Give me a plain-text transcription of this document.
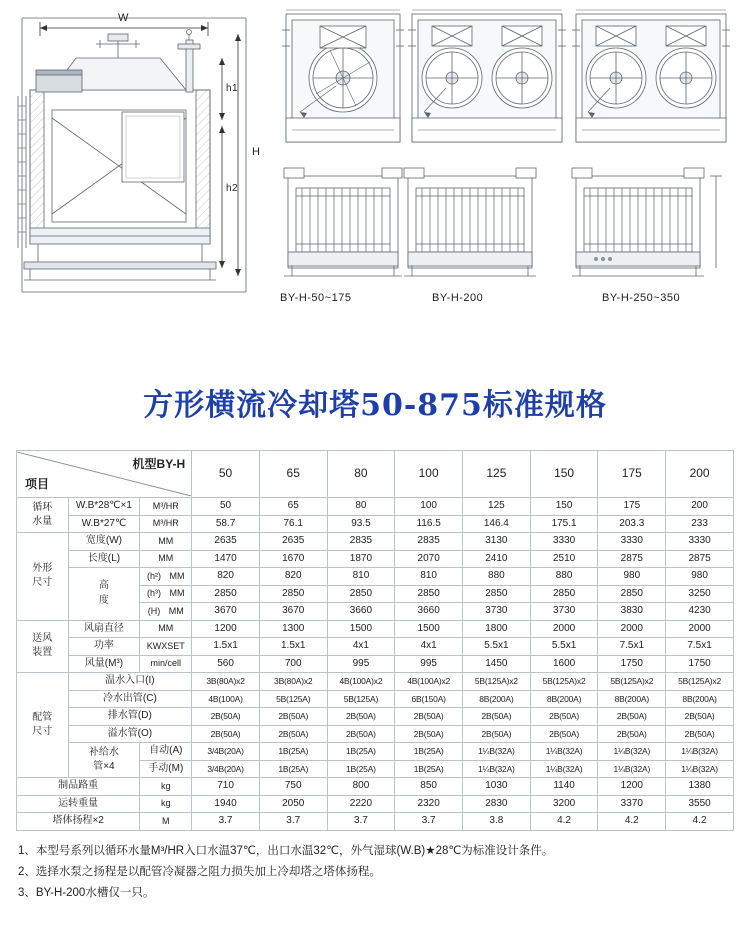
W
H
h1
h2
BY-H-50~175	BY-H-200	BY-H-250~350
方形横流冷却塔50-875标准规格
机型BY-H
项目			50	65	80	100	125	150	175	200
循环
水量	W.B*28℃×1	M³/HR	50	65	80	100	125	150	175	200
	W.B*27℃	M³/HR	58.7	76.1	93.5	116.5	146.4	175.1	203.3	233
外形
尺寸	宽度(W)	MM	2635	2635	2835	2835	3130	3330	3330	3330
	长度(L)	MM	1470	1670	1870	2070	2410	2510	2875	2875
	高
度	(h²) MM	820	820	810	810	880	880	980	980
		(h³) MM	2850	2850	2850	2850	2850	2850	2850	3250
		(H) MM	3670	3670	3660	3660	3730	3730	3830	4230
送风
装置	风扇直径	MM	1200	1300	1500	1500	1800	2000	2000	2000
	功率	KWXSET	1.5x1	1.5x1	4x1	4x1	5.5x1	5.5x1	7.5x1	7.5x1
	风量(M³)	min/cell	560	700	995	995	1450	1600	1750	1750
配管
尺寸	温水入口(I)		3B(80A)x2	3B(80A)x2	4B(100A)x2	4B(100A)x2	5B(125A)x2	5B(125A)x2	5B(125A)x2	5B(125A)x2
	冷水出管(C)		4B(100A)	5B(125A)	5B(125A)	6B(150A)	8B(200A)	8B(200A)	8B(200A)	8B(200A)
	排水管(D)		2B(50A)	2B(50A)	2B(50A)	2B(50A)	2B(50A)	2B(50A)	2B(50A)	2B(50A)
	溢水管(O)		2B(50A)	2B(50A)	2B(50A)	2B(50A)	2B(50A)	2B(50A)	2B(50A)	2B(50A)
	补给水
管×4	自动(A)	3/4B(20A)	1B(25A)	1B(25A)	1B(25A)	1¼B(32A)	1¼B(32A)	1¼B(32A)	1¼B(32A)
		手动(M)	3/4B(20A)	1B(25A)	1B(25A)	1B(25A)	1¼B(32A)	1¼B(32A)	1¼B(32A)	1¼B(32A)
制品路重		kg	710	750	800	850	1030	1140	1200	1380
运转重量		kg	1940	2050	2220	2320	2830	3200	3370	3550
塔体扬程×2		M	3.7	3.7	3.7	3.7	3.8	4.2	4.2	4.2
1、本型号系列以循环水量M³/HR入口水温37℃，出口水温32℃，外气湿球(W.B)★28℃为标准设计条件。
2、选择水泵之扬程是以配管冷凝器之阻力损失加上冷却塔之塔体扬程。
3、BY-H-200水槽仅一只。
